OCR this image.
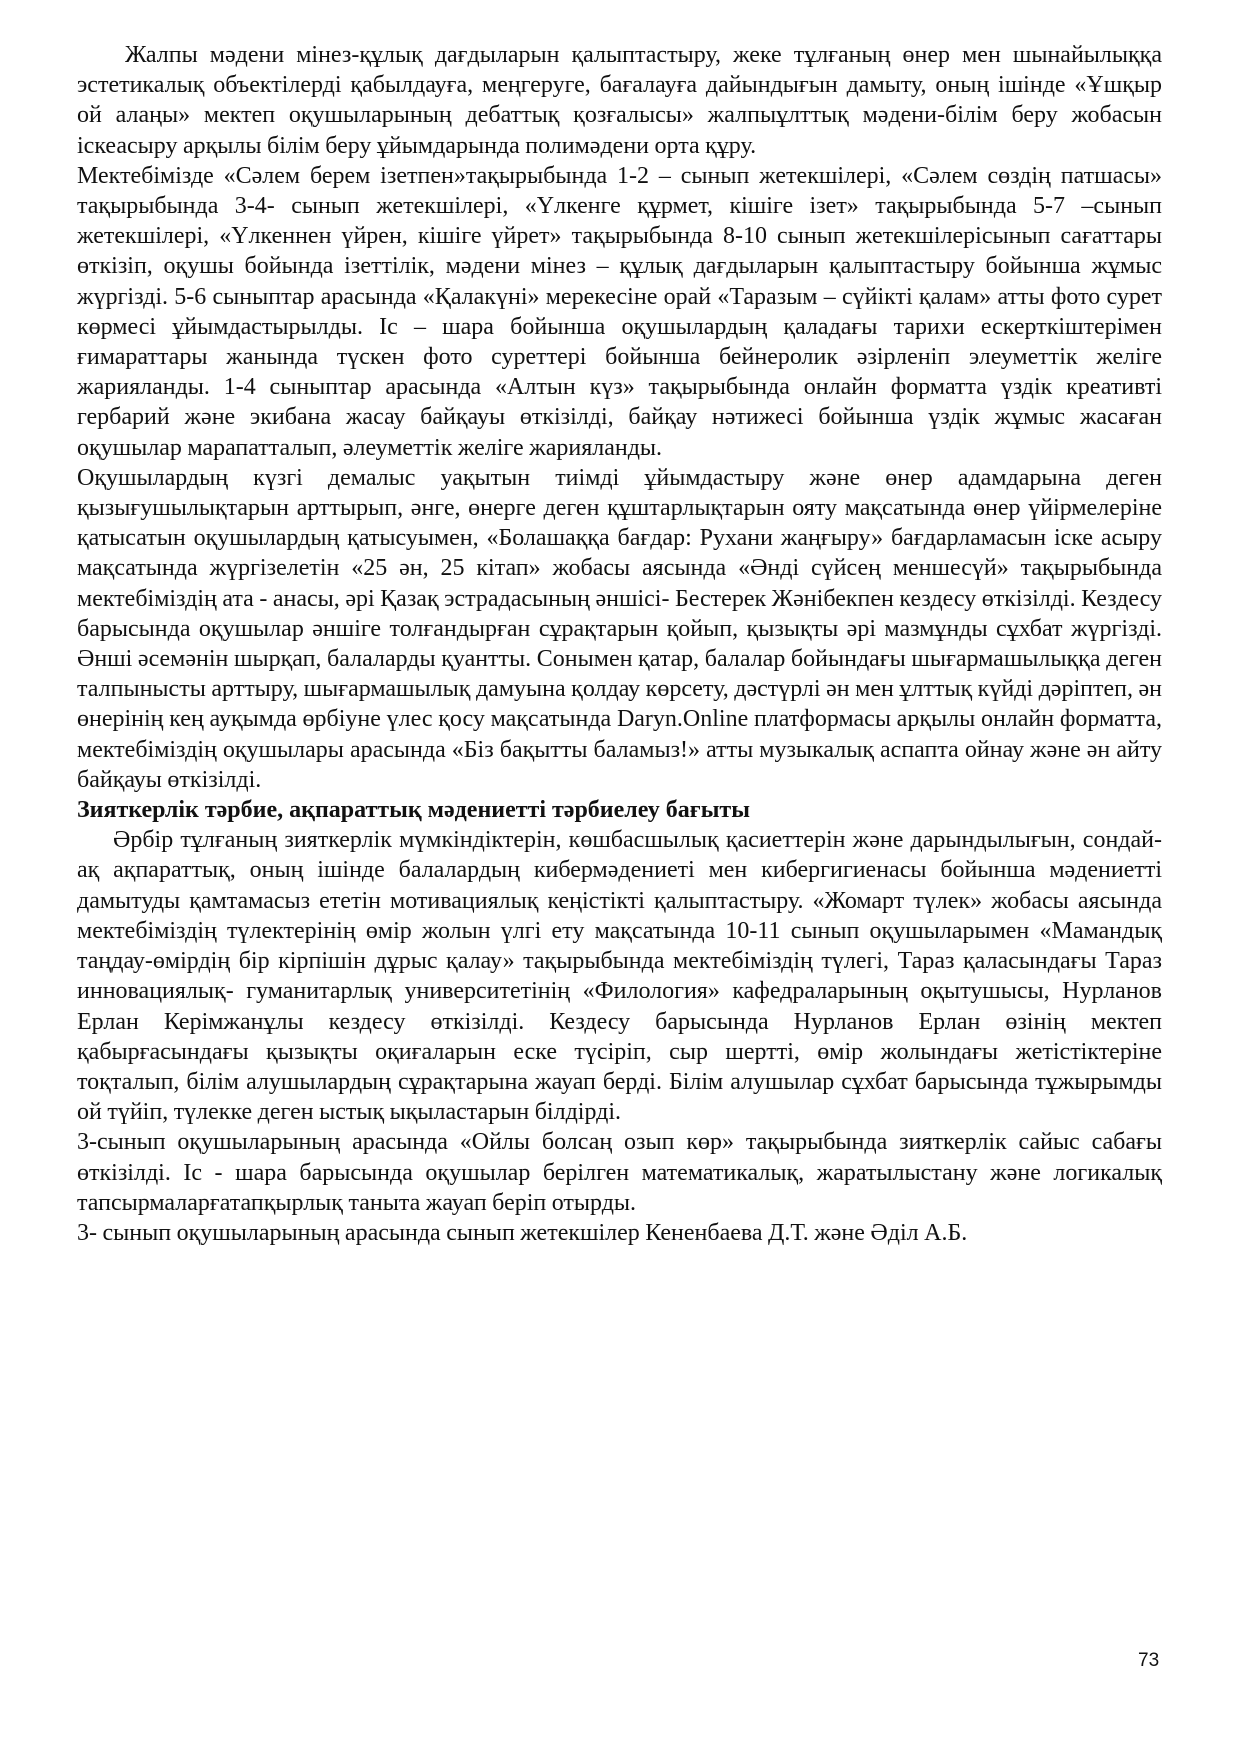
Жалпы мәдени мінез-құлық дағдыларын қалыптастыру, жеке тұлғаның өнер мен шынайылыққа эстетикалық объектілерді қабылдауға, меңгеруге, бағалауға дайындығын дамыту, оның ішінде «Ұшқыр ой алаңы» мектеп оқушыларының дебаттық қозғалысы» жалпыұлттық мәдени-білім беру жобасын іскеасыру арқылы білім беру ұйымдарында полимәдени орта құру.

Мектебімізде «Сәлем берем ізетпен»тақырыбында 1-2 – сынып жетекшілері, «Сәлем сөздің патшасы» тақырыбында 3-4- сынып жетекшілері, «Үлкенге құрмет, кішіге ізет» тақырыбында 5-7 –сынып жетекшілері, «Үлкеннен үйрен, кішіге үйрет» тақырыбында 8-10 сынып жетекшілерісынып сағаттары өткізіп, оқушы бойында ізеттілік, мәдени мінез – құлық дағдыларын қалыптастыру бойынша жұмыс жүргізді. 5-6 сыныптар арасында «Қалакүні» мерекесіне орай «Таразым – сүйікті қалам» атты фото сурет көрмесі ұйымдастырылды. Іс – шара бойынша оқушылардың қаладағы тарихи ескерткіштерімен ғимараттары жанында түскен фото суреттері бойынша бейнеролик әзірленіп элеуметтік желіге жарияланды. 1-4 сыныптар арасында «Алтын күз» тақырыбында онлайн форматта үздік креативті гербарий және экибана жасау байқауы өткізілді, байқау нәтижесі бойынша үздік жұмыс жасаған оқушылар марапатталып, әлеуметтік желіге жарияланды.

Оқушылардың күзгі демалыс уақытын тиімді ұйымдастыру және өнер адамдарына деген қызығушылықтарын арттырып, әнге, өнерге деген құштарлықтарын ояту мақсатында өнер үйірмелеріне қатысатын оқушылардың қатысуымен, «Болашаққа бағдар: Рухани жаңғыру» бағдарламасын іске асыру мақсатында жүргізелетін «25 ән, 25 кітап» жобасы аясында «Әнді сүйсең меншесүй» тақырыбында мектебіміздің ата - анасы, әрі Қазақ эстрадасының әншісі- Бестерек Жәнібекпен кездесу өткізілді. Кездесу барысында оқушылар әншіге толғандырған сұрақтарын қойып, қызықты әрі мазмұнды сұхбат жүргізді. Әнші әсемәнін шырқап, балаларды қуантты. Сонымен қатар, балалар бойындағы шығармашылыққа деген талпынысты арттыру, шығармашылық дамуына қолдау көрсету, дәстүрлі ән мен ұлттық күйді дәріптеп, ән өнерінің кең ауқымда өрбіуне үлес қосу мақсатында Daryn.Online платформасы арқылы онлайн форматта, мектебіміздің оқушылары арасында «Біз бақытты баламыз!» атты музыкалық аспапта ойнау және ән айту байқауы өткізілді.

Зияткерлік тәрбие, ақпараттық мәдениетті тәрбиелеу бағыты

Әрбір тұлғаның зияткерлік мүмкіндіктерін, көшбасшылық қасиеттерін және дарындылығын, сондай-ақ ақпараттық, оның ішінде балалардың кибермәдениеті мен кибергигиенасы бойынша мәдениетті дамытуды қамтамасыз ететін мотивациялық кеңістікті қалыптастыру. «Жомарт түлек» жобасы аясында мектебіміздің түлектерінің өмір жолын үлгі ету мақсатында 10-11 сынып оқушыларымен «Мамандық таңдау-өмірдің бір кірпішін дұрыс қалау» тақырыбында мектебіміздің түлегі, Тараз қаласындағы Тараз инновациялық- гуманитарлық университетінің «Филология» кафедраларының оқытушысы, Нурланов Ерлан Керімжанұлы кездесу өткізілді. Кездесу барысында Нурланов Ерлан өзінің мектеп қабырғасындағы қызықты оқиғаларын еске түсіріп, сыр шертті, өмір жолындағы жетістіктеріне тоқталып, білім алушылардың сұрақтарына жауап берді. Білім алушылар сұхбат барысында тұжырымды ой түйіп, түлекке деген ыстық ықыластарын білдірді.

3-сынып оқушыларының арасында «Ойлы болсаң озып көр» тақырыбында зияткерлік сайыс сабағы өткізілді. Іс - шара барысында оқушылар берілген математикалық, жаратылыстану және логикалық тапсырмаларғатапқырлық таныта жауап беріп отырды.

3- сынып оқушыларының арасында сынып жетекшілер Кененбаева Д.Т. және Әділ А.Б.

73
